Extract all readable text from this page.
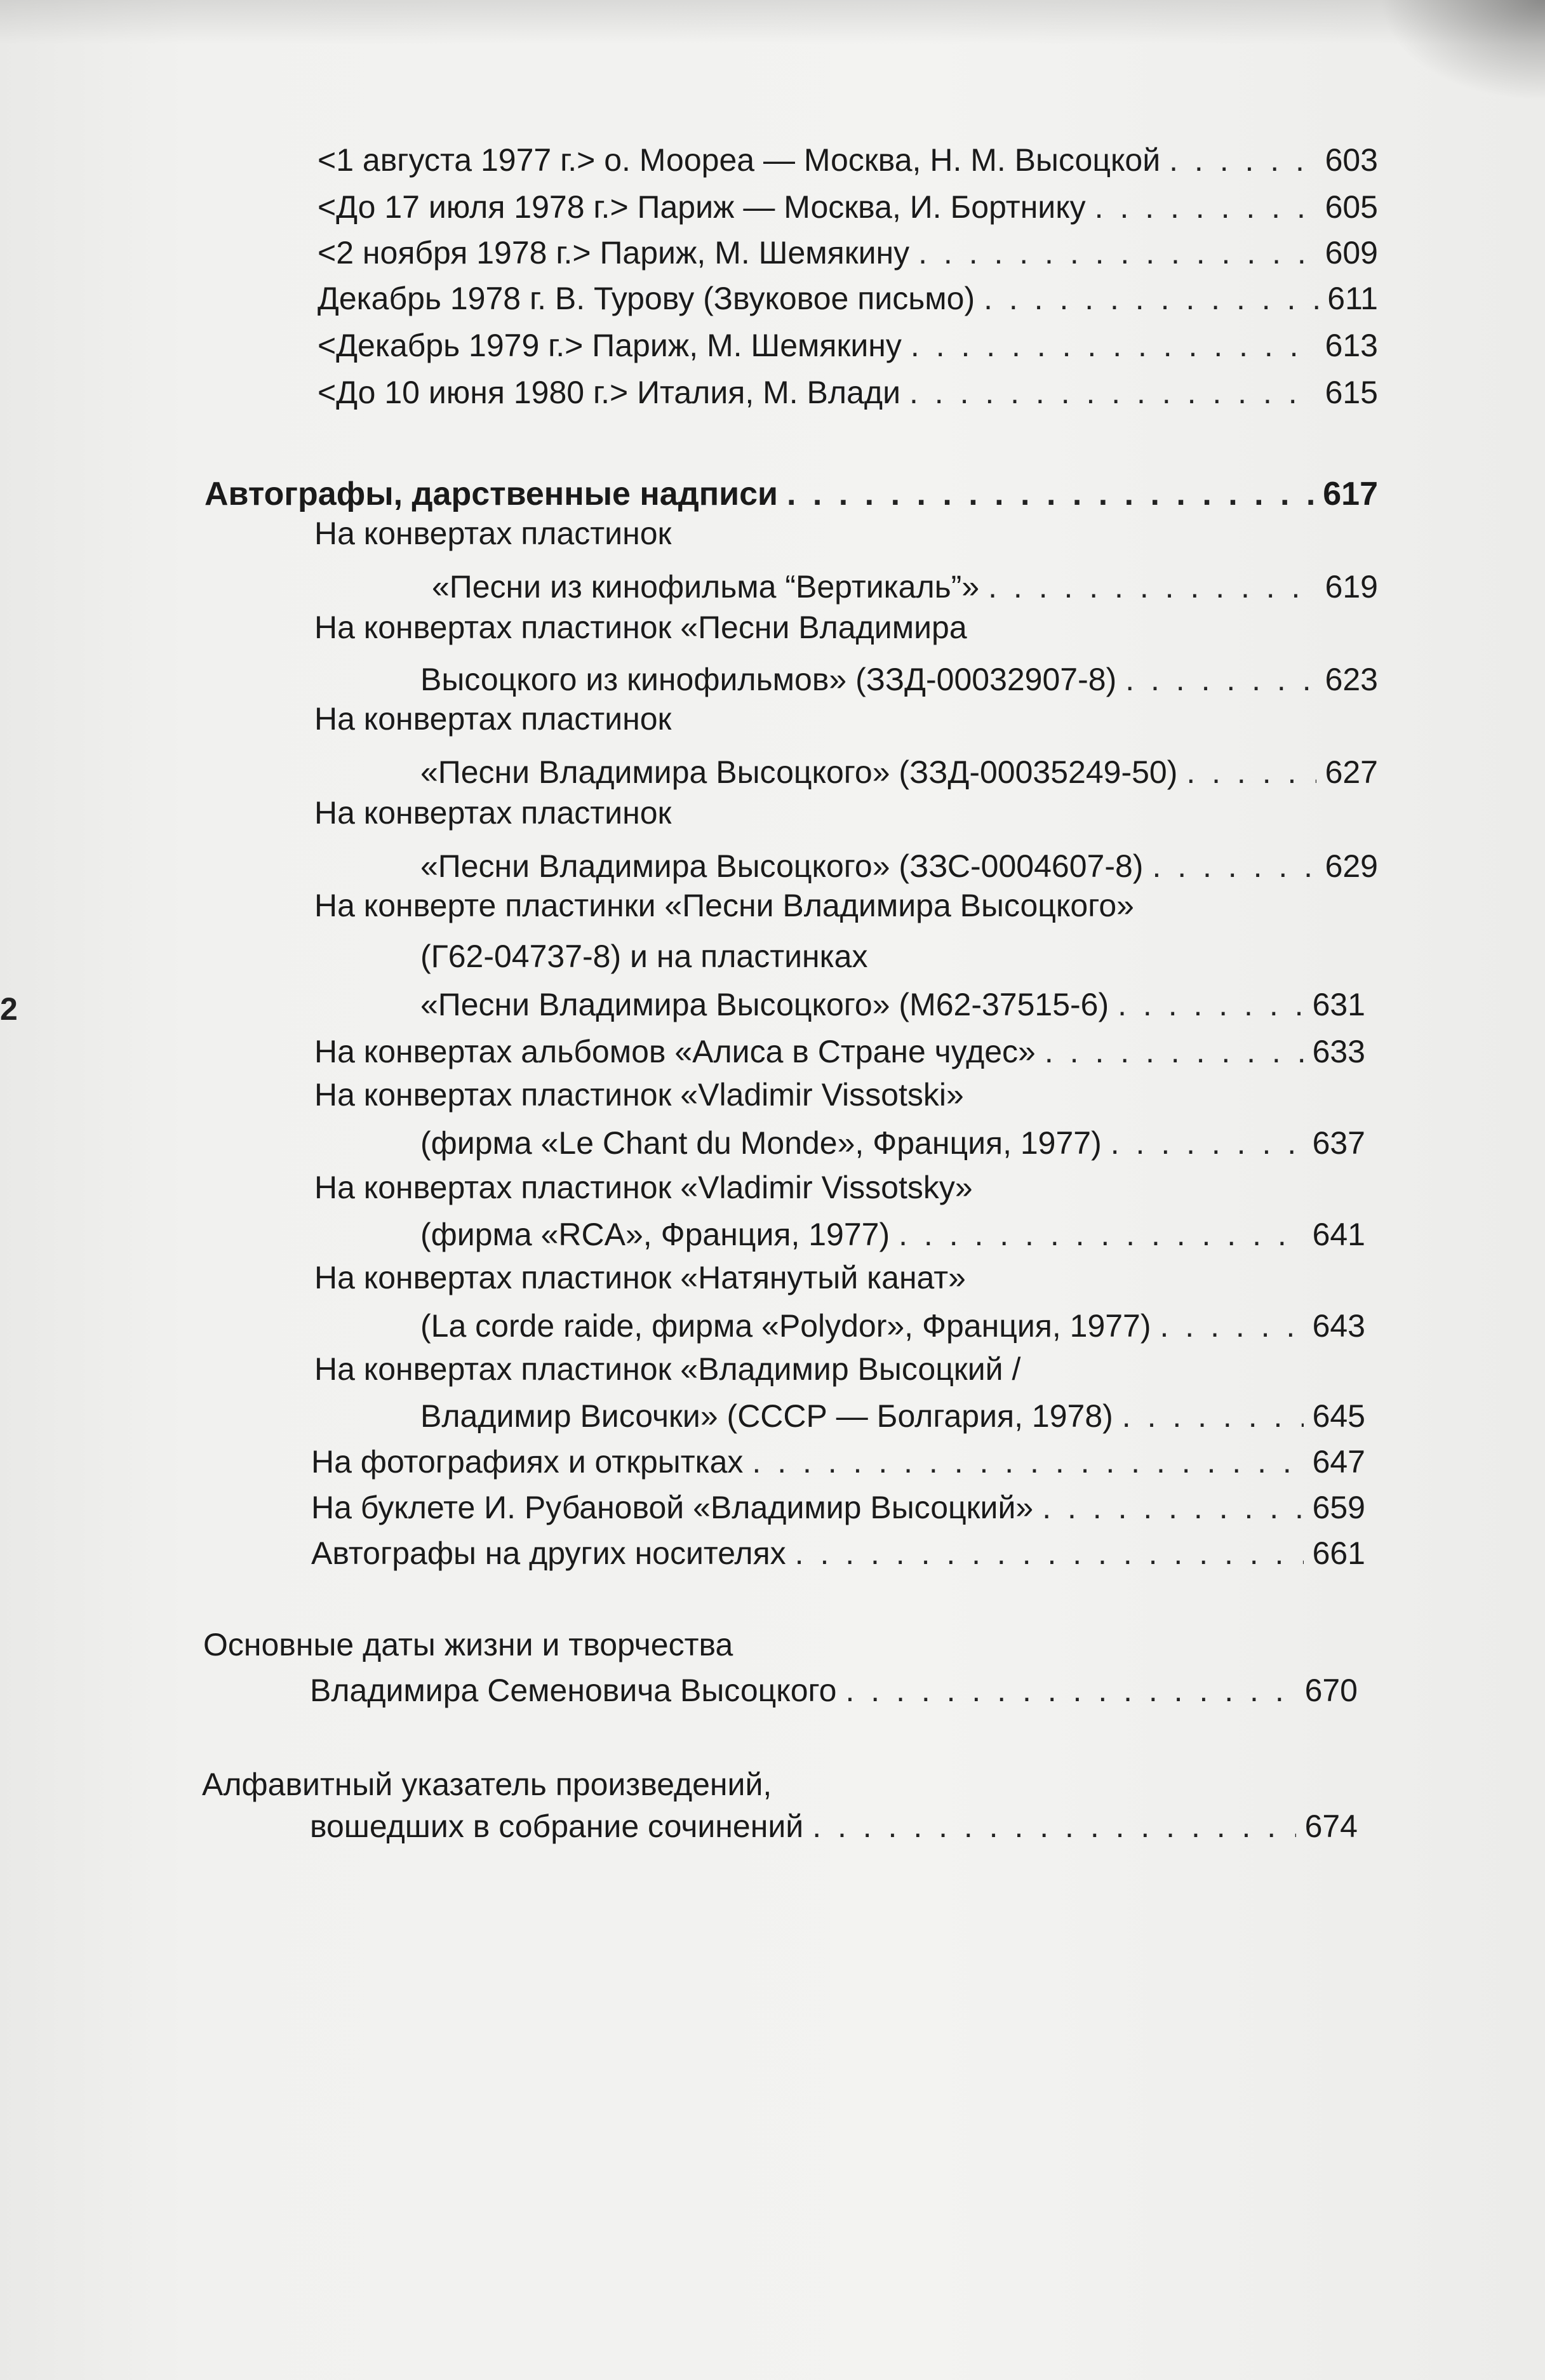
2
<1 августа 1977 г.> о. Моореа — Москва, Н. М. Высоцкой . . .	603
<До 17 июля 1978 г.> Париж — Москва, И. Бортнику . . .	605
<2 ноября 1978 г.> Париж, М. Шемякину . . .	609
Декабрь 1978 г. В. Турову (Звуковое письмо) . . .	611
<Декабрь 1979 г.> Париж, М. Шемякину . . .	613
<До 10 июня 1980 г.> Италия, М. Влади . . .	615
Автографы, дарственные надписи . . .	617
На конвертах пластинок
«Песни из кинофильма “Вертикаль”» . . .	619
На конвертах пластинок «Песни Владимира
Высоцкого из кинофильмов» (ЗЗД-00032907-8) . . .	623
На конвертах пластинок
«Песни Владимира Высоцкого» (ЗЗД-00035249-50) . . .	627
На конвертах пластинок
«Песни Владимира Высоцкого» (ЗЗС-0004607-8) . . .	629
На конверте пластинки «Песни Владимира Высоцкого»
(Г62-04737-8) и на пластинках
«Песни Владимира Высоцкого» (М62-37515-6) . . .	631
На конвертах альбомов «Алиса в Стране чудес» . . .	633
На конвертах пластинок «Vladimir Vissotski»
(фирма «Le Chant du Monde», Франция, 1977) . . .	637
На конвертах пластинок «Vladimir Vissotsky»
(фирма «RCA», Франция, 1977) . . .	641
На конвертах пластинок «Натянутый канат»
(La corde raide, фирма «Polydor», Франция, 1977) . . .	643
На конвертах пластинок «Владимир Высоцкий /
Владимир Височки» (СССР — Болгария, 1978) . . .	645
На фотографиях и открытках . . .	647
На буклете И. Рубановой «Владимир Высоцкий» . . .	659
Автографы на других носителях . . .	661
Основные даты жизни и творчества
Владимира Семеновича Высоцкого . . .	670
Алфавитный указатель произведений,
вошедших в собрание сочинений . . .	674
